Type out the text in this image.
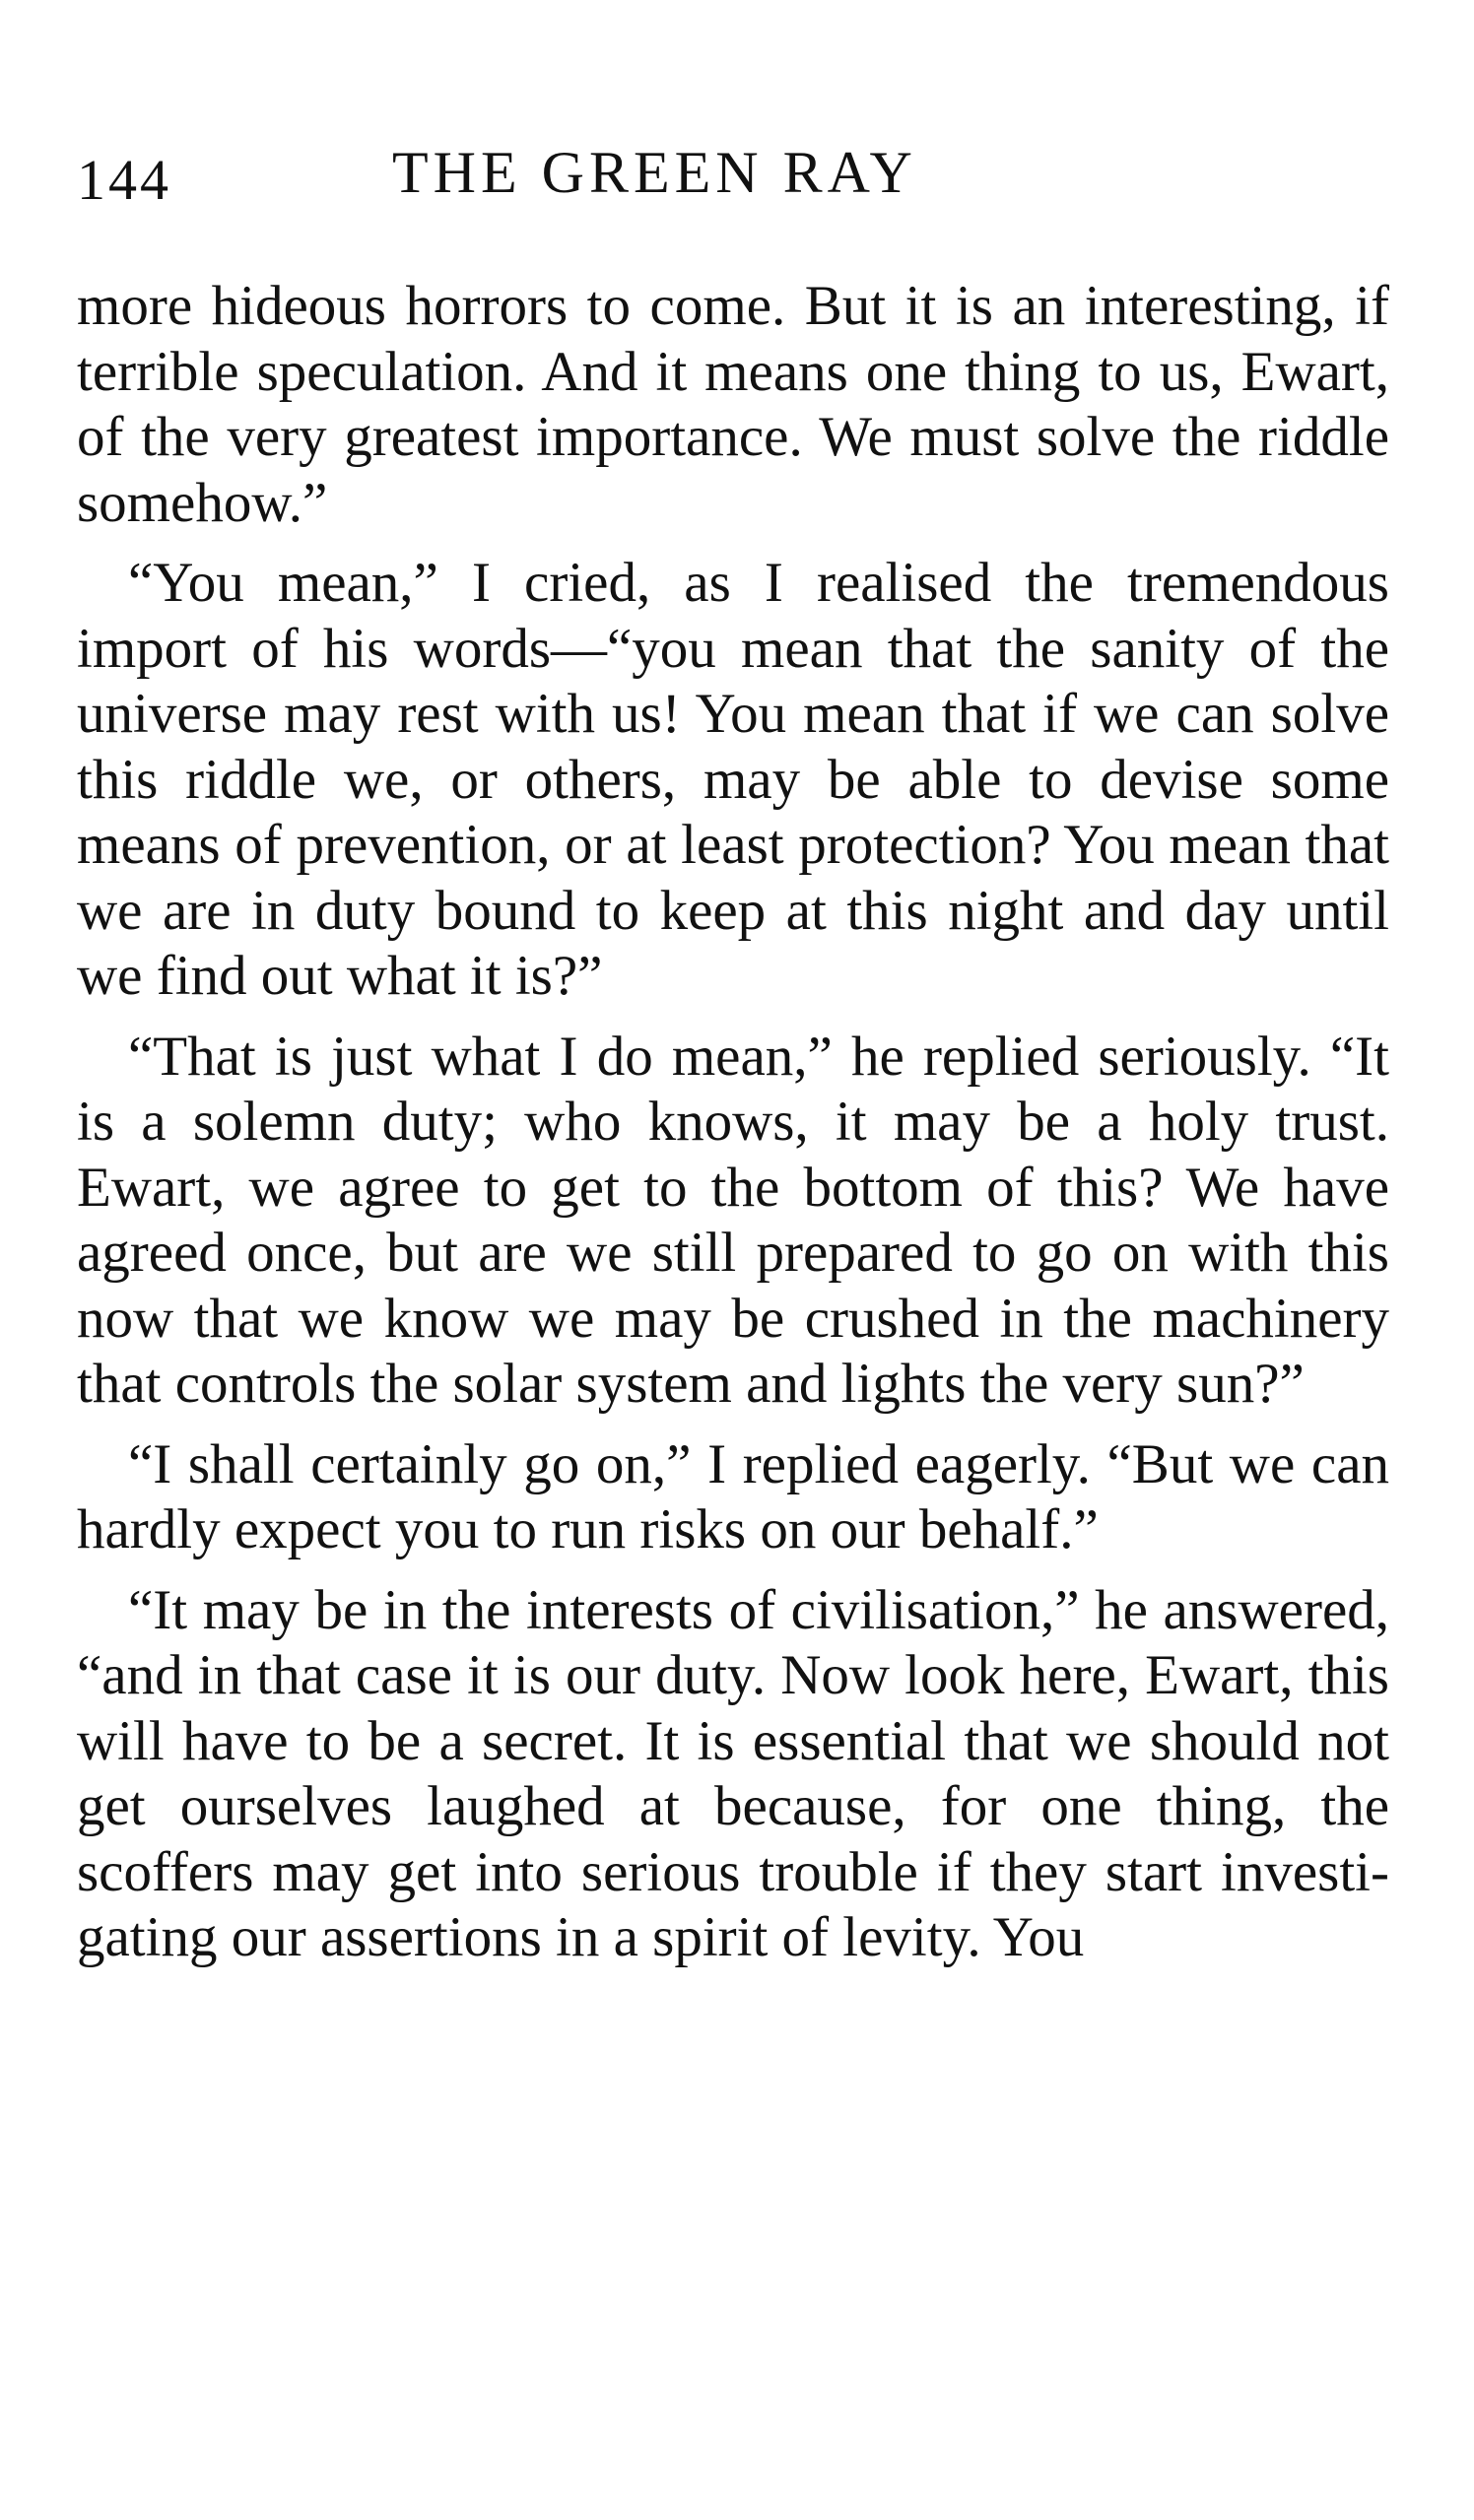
144	THE GREEN RAY

more hideous horrors to come. But it is an interesting, if terrible speculation. And it means one thing to us, Ewart, of the very greatest importance. We must solve the riddle somehow.”

“You mean,” I cried, as I realised the tremendous import of his words—“you mean that the sanity of the universe may rest with us! You mean that if we can solve this riddle we, or others, may be able to devise some means of prevention, or at least protection? You mean that we are in duty bound to keep at this night and day until we find out what it is?”

“That is just what I do mean,” he replied seriously. “It is a solemn duty; who knows, it may be a holy trust. Ewart, we agree to get to the bottom of this? We have agreed once, but are we still prepared to go on with this now that we know we may be crushed in the machinery that controls the solar system and lights the very sun?”

“I shall certainly go on,” I replied eagerly. “But we can hardly expect you to run risks on our behalf.”

“It may be in the interests of civilisation,” he answered, “and in that case it is our duty. Now look here, Ewart, this will have to be a secret. It is essential that we should not get ourselves laughed at because, for one thing, the scoffers may get into serious trouble if they start investi-gating our assertions in a spirit of levity. You
